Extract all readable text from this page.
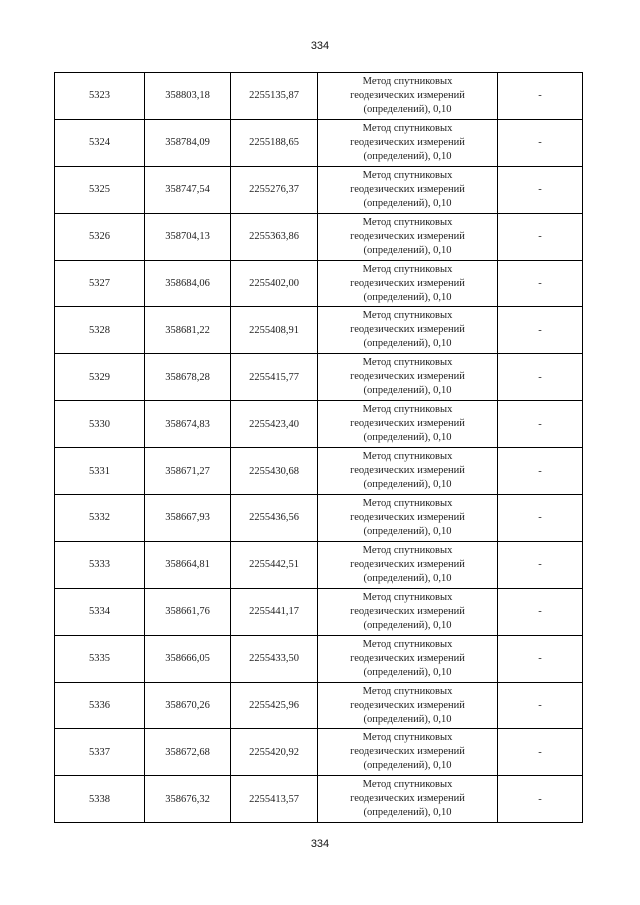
334
5323	358803,18	2255135,87	Метод спутниковых
геодезических измерений
(определений), 0,10	-
5324	358784,09	2255188,65	Метод спутниковых
геодезических измерений
(определений), 0,10	-
5325	358747,54	2255276,37	Метод спутниковых
геодезических измерений
(определений), 0,10	-
5326	358704,13	2255363,86	Метод спутниковых
геодезических измерений
(определений), 0,10	-
5327	358684,06	2255402,00	Метод спутниковых
геодезических измерений
(определений), 0,10	-
5328	358681,22	2255408,91	Метод спутниковых
геодезических измерений
(определений), 0,10	-
5329	358678,28	2255415,77	Метод спутниковых
геодезических измерений
(определений), 0,10	-
5330	358674,83	2255423,40	Метод спутниковых
геодезических измерений
(определений), 0,10	-
5331	358671,27	2255430,68	Метод спутниковых
геодезических измерений
(определений), 0,10	-
5332	358667,93	2255436,56	Метод спутниковых
геодезических измерений
(определений), 0,10	-
5333	358664,81	2255442,51	Метод спутниковых
геодезических измерений
(определений), 0,10	-
5334	358661,76	2255441,17	Метод спутниковых
геодезических измерений
(определений), 0,10	-
5335	358666,05	2255433,50	Метод спутниковых
геодезических измерений
(определений), 0,10	-
5336	358670,26	2255425,96	Метод спутниковых
геодезических измерений
(определений), 0,10	-
5337	358672,68	2255420,92	Метод спутниковых
геодезических измерений
(определений), 0,10	-
5338	358676,32	2255413,57	Метод спутниковых
геодезических измерений
(определений), 0,10	-
334
